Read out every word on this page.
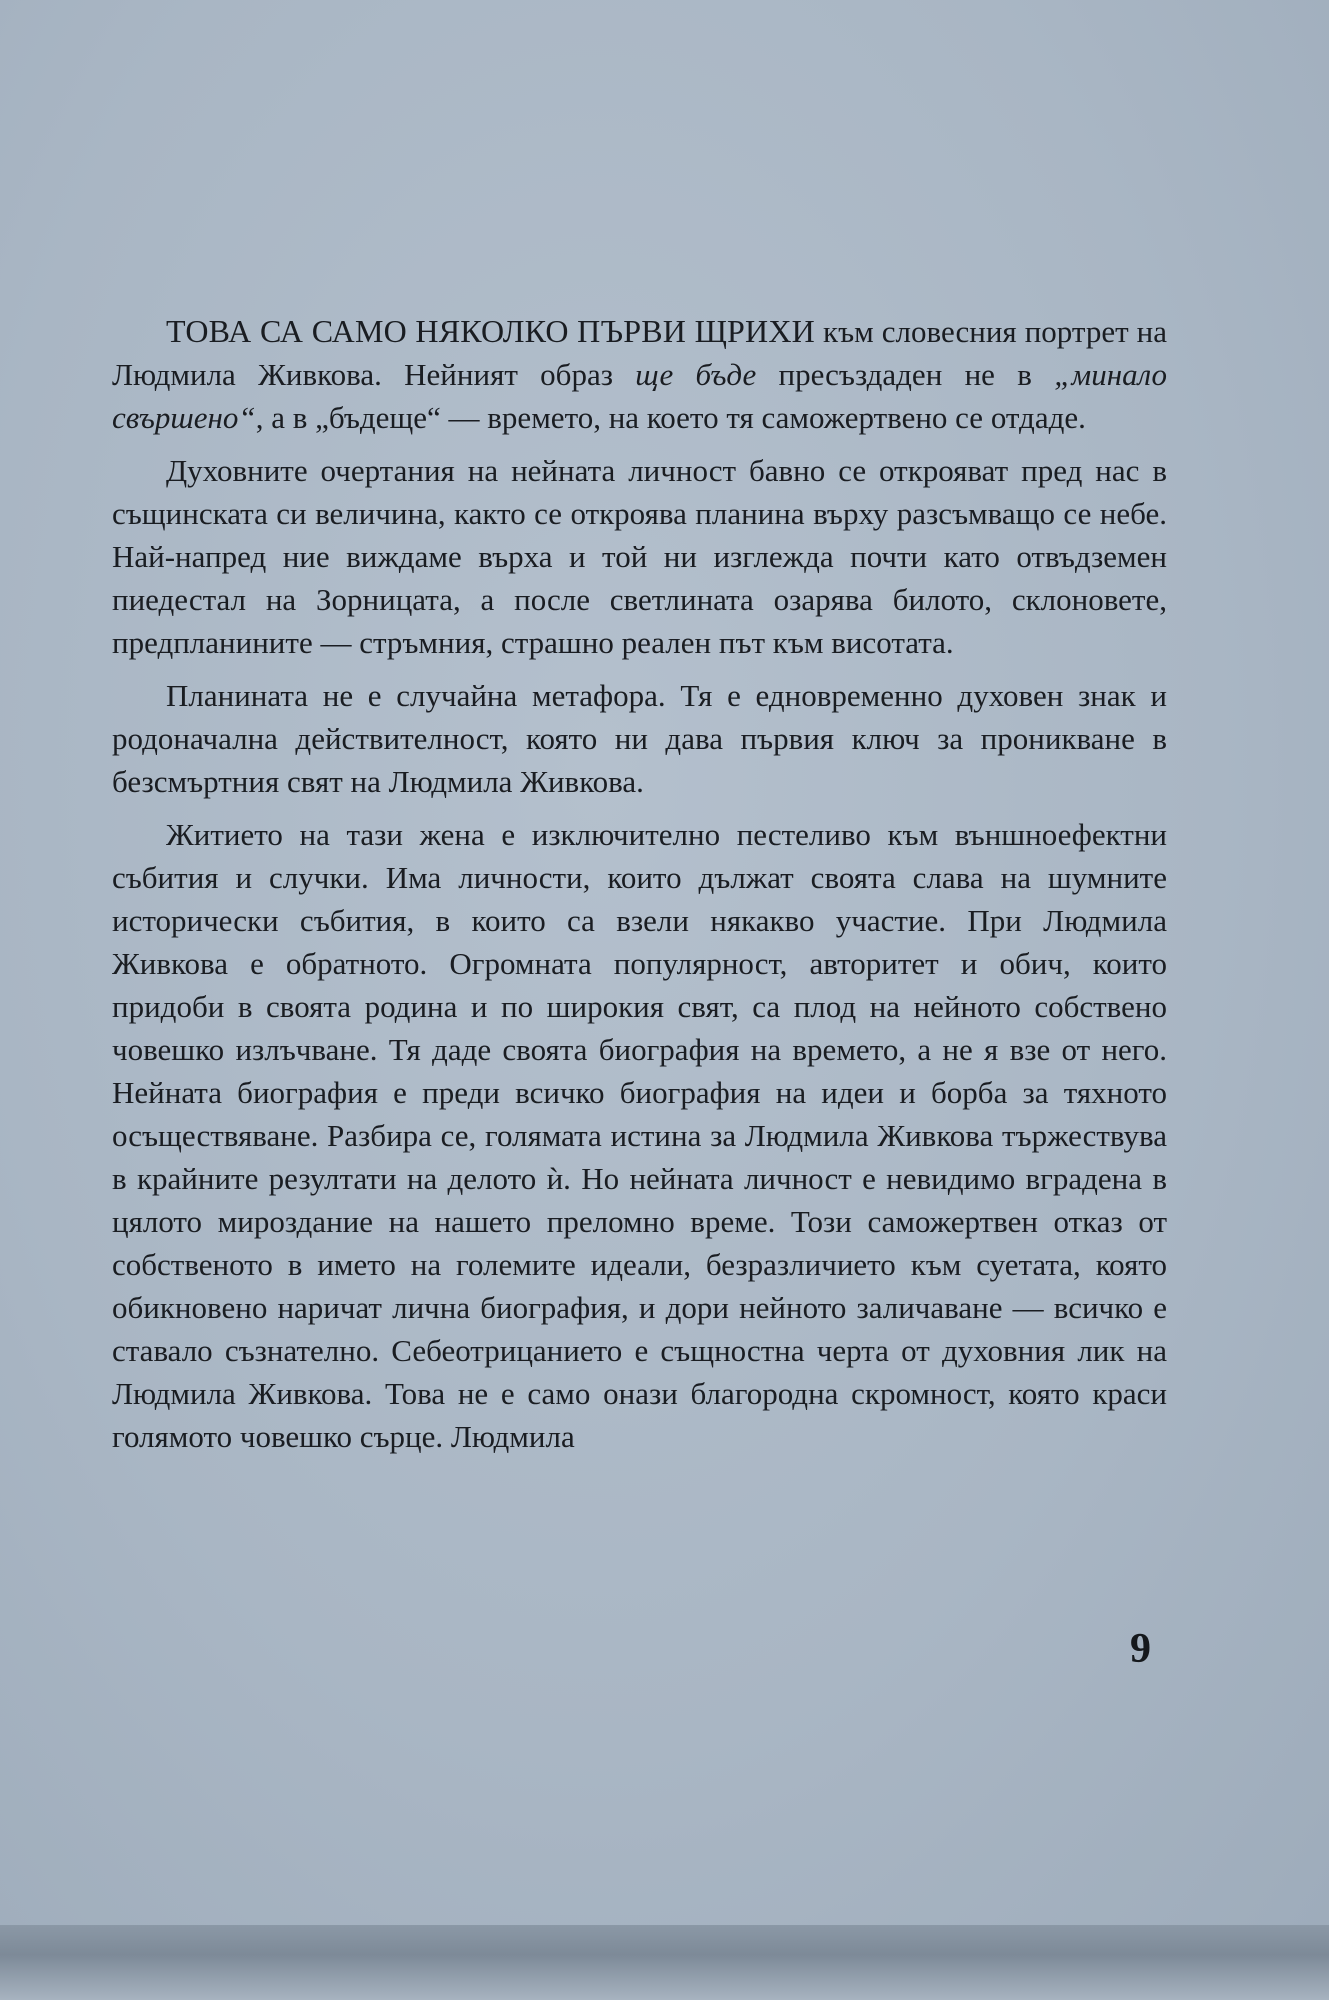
ТОВА СА САМО НЯКОЛКО ПЪРВИ ЩРИХИ към словесния портрет на Людмила Живкова. Нейният образ ще бъде пресъздаден не в „минало свършено“, а в „бъдеще“ — времето, на което тя саможертвено се отдаде.

Духовните очертания на нейната личност бавно се открояват пред нас в същинската си величина, както се откроява планина върху разсъмващо се небе. Най-напред ние виждаме върха и той ни изглежда почти като отвъдземен пиедестал на Зорницата, а после светлината озарява билото, склоновете, предпланините — стръмния, страшно реален път към висотата.

Планината не е случайна метафора. Тя е едновременно духовен знак и родоначална действителност, която ни дава първия ключ за проникване в безсмъртния свят на Людмила Живкова.

Житието на тази жена е изключително пестеливо към външноефектни събития и случки. Има личности, които дължат своята слава на шумните исторически събития, в които са взели някакво участие. При Людмила Живкова е обратното. Огромната популярност, авторитет и обич, които придоби в своята родина и по широкия свят, са плод на нейното собствено човешко излъчване. Тя даде своята биография на времето, а не я взе от него. Нейната биография е преди всичко биография на идеи и борба за тяхното осъществяване. Разбира се, голямата истина за Людмила Живкова тържествува в крайните резултати на делото ѝ. Но нейната личност е невидимо вградена в цялото мироздание на нашето преломно време. Този саможертвен отказ от собственото в името на големите идеали, безразличието към суетата, която обикновено наричат лична биография, и дори нейното заличаване — всичко е ставало съзнателно. Себеотрицанието е същностна черта от духовния лик на Людмила Живкова. Това не е само онази благородна скромност, която краси голямото човешко сърце. Людмила

9
